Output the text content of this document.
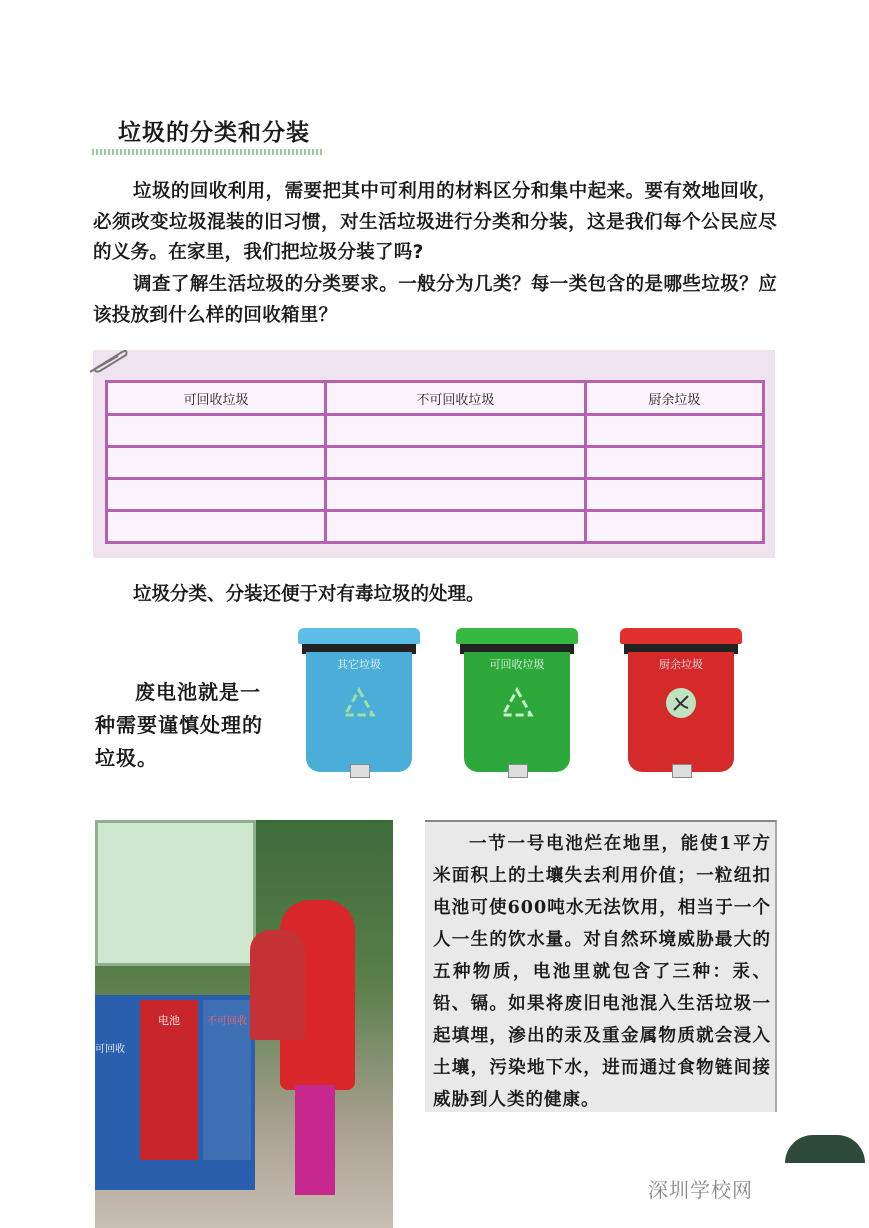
垃圾的分类和分装
垃圾的回收利用，需要把其中可利用的材料区分和集中起来。要有效地回收，必须改变垃圾混装的旧习惯，对生活垃圾进行分类和分装，这是我们每个公民应尽的义务。在家里，我们把垃圾分装了吗?
调查了解生活垃圾的分类要求。一般分为几类？每一类包含的是哪些垃圾？应该投放到什么样的回收箱里？
可回收垃圾	不可回收垃圾	厨余垃圾

垃圾分类、分装还便于对有毒垃圾的处理。
废电池就是一种需要谨慎处理的垃圾。
其它垃圾	可回收垃圾	厨余垃圾
电池	不可回收
可回收
一节一号电池烂在地里，能使1平方米面积上的土壤失去利用价值；一粒纽扣电池可使600吨水无法饮用，相当于一个人一生的饮水量。对自然环境威胁最大的五种物质，电池里就包含了三种：汞、铅、镉。如果将废旧电池混入生活垃圾一起填埋，渗出的汞及重金属物质就会浸入土壤，污染地下水，进而通过食物链间接威胁到人类的健康。
深圳学校网
